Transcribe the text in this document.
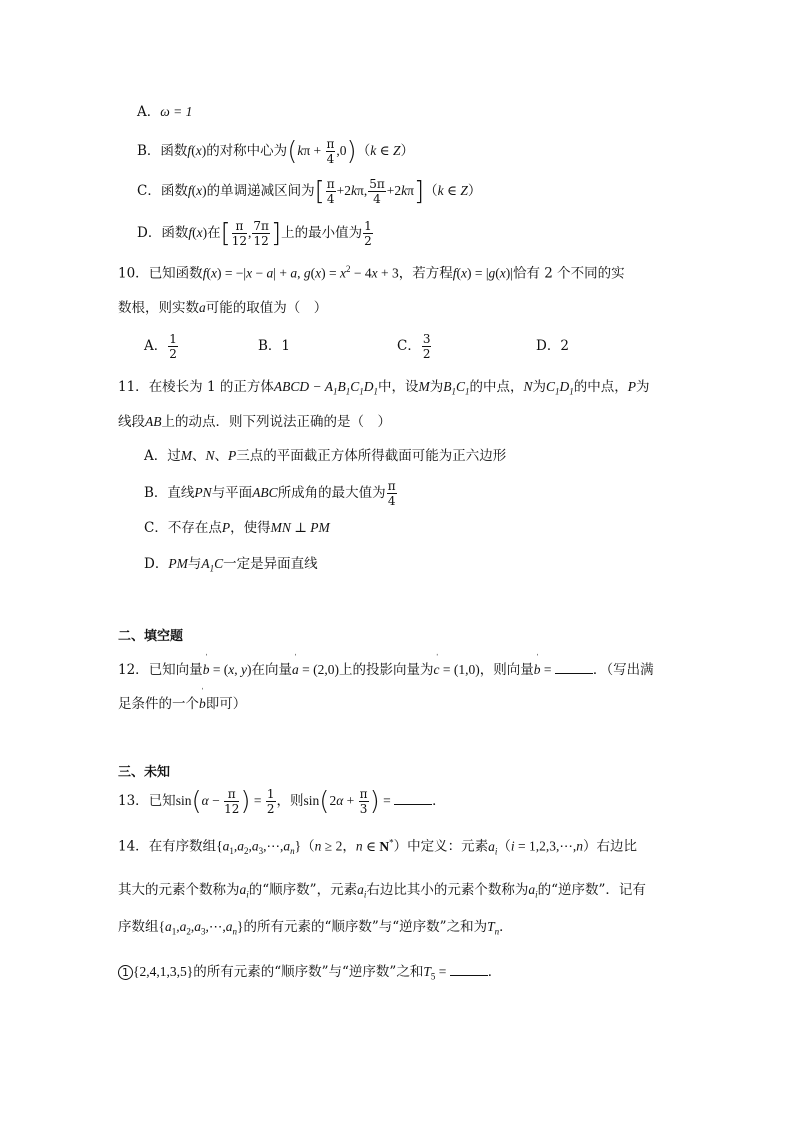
A．ω = 1
B．函数f(x)的对称中心为$(k\pi + \frac{\pi}{4} ,0)(k$ ∈ Z）
C．函数f(x)的单调递减区间为[ $\frac{\pi}{4} +2k\pi$, $\frac{5\pi}{4} +2k\pi](k$ ∈ Z）
D．函数f(x)在[ $\frac{\pi}{12}$ , $\frac{7\pi}{12}$ ]上的最小值为 $\frac{1}{2}$
10．已知函数f(x) = −|x − a| + a, $g(x) = x^2 - 4x + 3$，若方程f(x) = |g(x)|恰有 2 个不同的实
数根，则实数a可能的取值为（　）
A． $\frac{1}{2}$	B．1	C． $\frac{3}{2}$	D．2
11．在棱长为 1 的正方体ABCD − $A_1B_1C_1D_1$中，设M为$B_1C_1$的中点，N为$C_1D_1$的中点，P为
线段AB上的动点．则下列说法正确的是（　）
A．过M、N、P三点的平面截正方体所得截面可能为正六边形
B．直线PN与平面ABC所成角的最大值为 $\frac{\pi}{4}$
C．不存在点P，使得MN ⊥ PM
D．PM与$A_1C$一定是异面直线
二、填空题
12．已知向量ˈ b = (x, y)在向量ˈ a = (2,0)上的投影向量为ˈ c = (1,0)，则向量ˈ b =	．（写出满
足条件的一个ˈ b即可）
三、未知
13．已知$\sin(\alpha - \frac{\pi}{12}$ ) = $\frac{1}{2}$ ，则$\sin(2\alpha + \frac{\pi}{3}$ ) =	．
14．在有序数组$\{a_1,a_2,a_3,\cdots,a_n\}(n \ge 2$，n ∈ N*）中定义：元素$a_i(i$ = 1,2,3,⋯,n）右边比
其大的元素个数称为$a_i$的“顺序数”，元素$a_i$右边比其小的元素个数称为$a_i$的“逆序数”．记有
序数组$\{a_1,a_2,a_3,\cdots,a_n\}$的所有元素的“顺序数”与“逆序数”之和为$T_n$．
1 {2,4,1,3,5}的所有元素的“顺序数”与“逆序数”之和$T_5$ =	．
